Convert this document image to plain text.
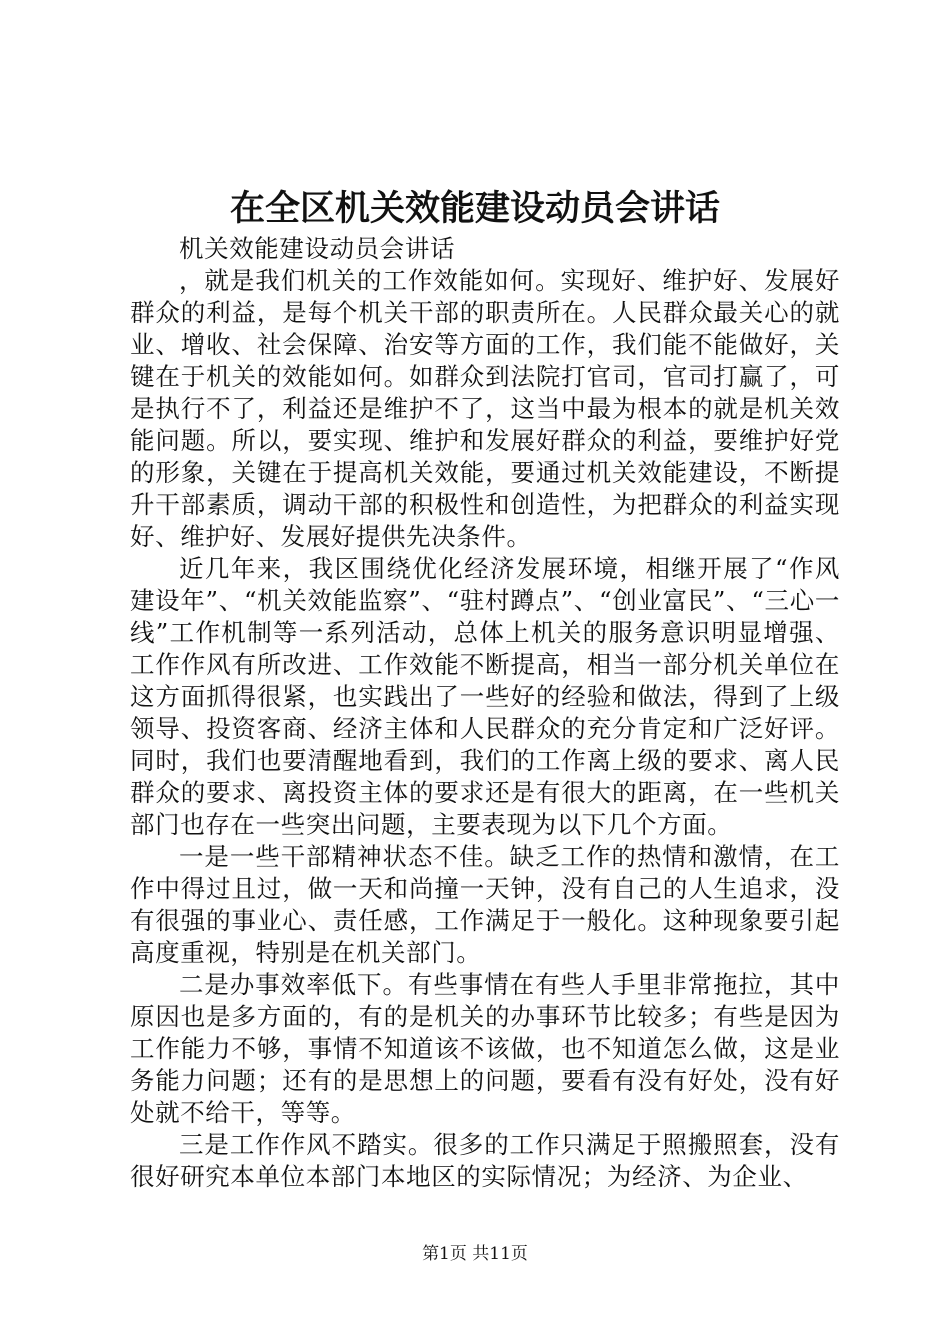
在全区机关效能建设动员会讲话

机关效能建设动员会讲话

，就是我们机关的工作效能如何。实现好、维护好、发展好群众的利益，是每个机关干部的职责所在。人民群众最关心的就业、增收、社会保障、治安等方面的工作，我们能不能做好，关键在于机关的效能如何。如群众到法院打官司，官司打赢了，可是执行不了，利益还是维护不了，这当中最为根本的就是机关效能问题。所以，要实现、维护和发展好群众的利益，要维护好党的形象，关键在于提高机关效能，要通过机关效能建设，不断提升干部素质，调动干部的积极性和创造性，为把群众的利益实现好、维护好、发展好提供先决条件。

近几年来，我区围绕优化经济发展环境，相继开展了“作风建设年”、“机关效能监察”、“驻村蹲点”、“创业富民”、“三心一线”工作机制等一系列活动，总体上机关的服务意识明显增强、工作作风有所改进、工作效能不断提高，相当一部分机关单位在这方面抓得很紧，也实践出了一些好的经验和做法，得到了上级领导、投资客商、经济主体和人民群众的充分肯定和广泛好评。同时，我们也要清醒地看到，我们的工作离上级的要求、离人民群众的要求、离投资主体的要求还是有很大的距离，在一些机关部门也存在一些突出问题，主要表现为以下几个方面。

一是一些干部精神状态不佳。缺乏工作的热情和激情，在工作中得过且过，做一天和尚撞一天钟，没有自己的人生追求，没有很强的事业心、责任感，工作满足于一般化。这种现象要引起高度重视，特别是在机关部门。

二是办事效率低下。有些事情在有些人手里非常拖拉，其中原因也是多方面的，有的是机关的办事环节比较多；有些是因为工作能力不够，事情不知道该不该做，也不知道怎么做，这是业务能力问题；还有的是思想上的问题，要看有没有好处，没有好处就不给干，等等。

三是工作作风不踏实。很多的工作只满足于照搬照套，没有很好研究本单位本部门本地区的实际情况；为经济、为企业、

第1页 共11页
